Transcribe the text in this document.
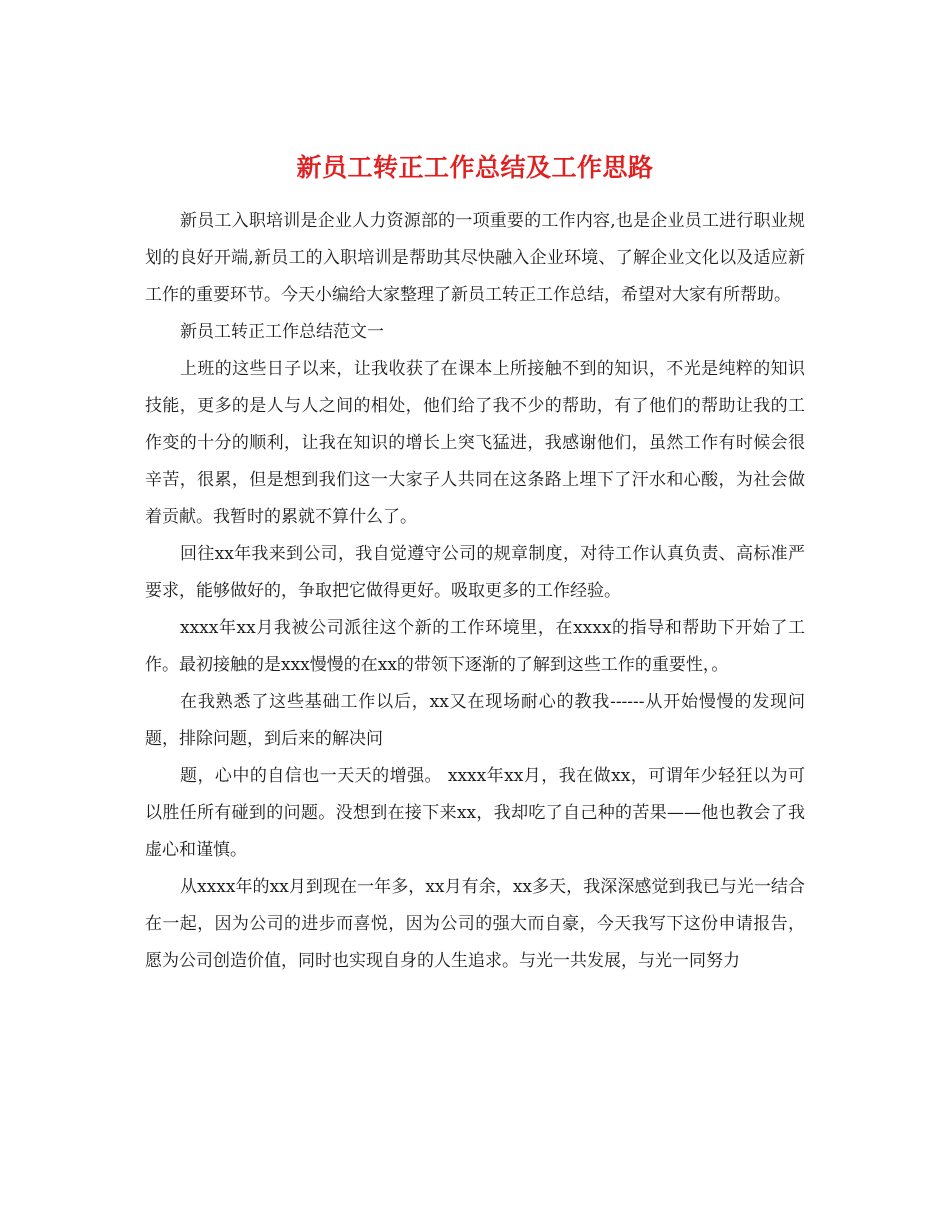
新员工转正工作总结及工作思路

新员工入职培训是企业人力资源部的一项重要的工作内容,也是企业员工进行职业规划的良好开端,新员工的入职培训是帮助其尽快融入企业环境、了解企业文化以及适应新工作的重要环节。今天小编给大家整理了新员工转正工作总结，希望对大家有所帮助。

新员工转正工作总结范文一

上班的这些日子以来，让我收获了在课本上所接触不到的知识，不光是纯粹的知识技能，更多的是人与人之间的相处，他们给了我不少的帮助，有了他们的帮助让我的工作变的十分的顺利，让我在知识的增长上突飞猛进，我感谢他们，虽然工作有时候会很辛苦，很累，但是想到我们这一大家子人共同在这条路上埋下了汗水和心酸，为社会做着贡献。我暂时的累就不算什么了。

回往xx年我来到公司，我自觉遵守公司的规章制度，对待工作认真负责、高标准严要求，能够做好的，争取把它做得更好。吸取更多的工作经验。

xxxx年xx月我被公司派往这个新的工作环境里，在xxxx的指导和帮助下开始了工作。最初接触的是xxx慢慢的在xx的带领下逐渐的了解到这些工作的重要性，。

在我熟悉了这些基础工作以后，xx又在现场耐心的教我------从开始慢慢的发现问题，排除问题，到后来的解决问

题，心中的自信也一天天的增强。 xxxx年xx月，我在做xx，可谓年少轻狂以为可以胜任所有碰到的问题。没想到在接下来xx，我却吃了自己种的苦果——他也教会了我虚心和谨慎。

从xxxx年的xx月到现在一年多，xx月有余，xx多天，我深深感觉到我已与光一结合在一起，因为公司的进步而喜悦，因为公司的强大而自豪，今天我写下这份申请报告，愿为公司创造价值，同时也实现自身的人生追求。与光一共发展，与光一同努力
